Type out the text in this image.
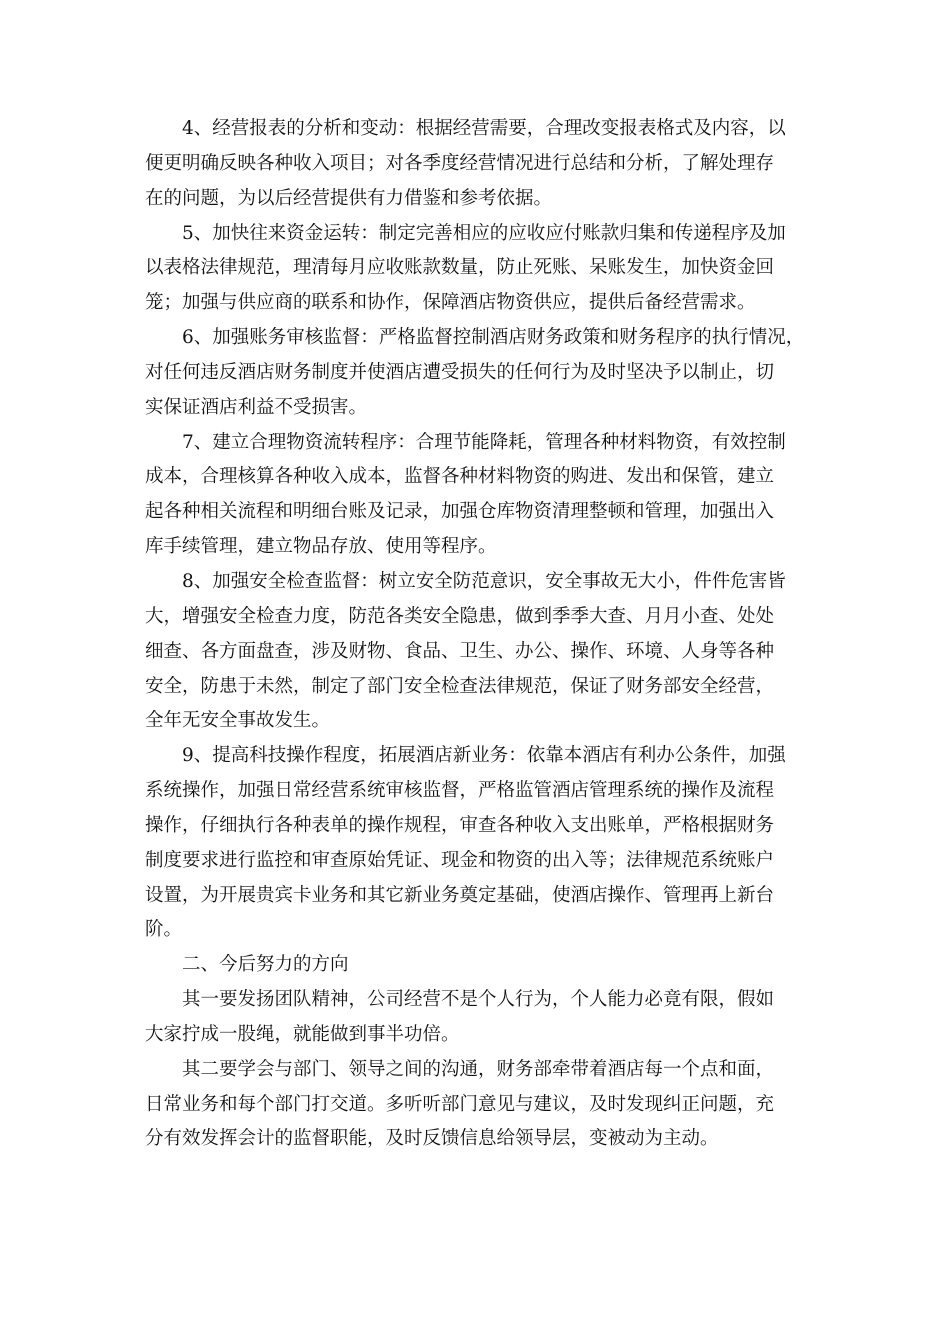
4、经营报表的分析和变动：根据经营需要，合理改变报表格式及内容，以
便更明确反映各种收入项目；对各季度经营情况进行总结和分析，了解处理存
在的问题，为以后经营提供有力借鉴和参考依据。
5、加快往来资金运转：制定完善相应的应收应付账款归集和传递程序及加
以表格法律规范，理清每月应收账款数量，防止死账、呆账发生，加快资金回
笼；加强与供应商的联系和协作，保障酒店物资供应，提供后备经营需求。
6、加强账务审核监督：严格监督控制酒店财务政策和财务程序的执行情况，
对任何违反酒店财务制度并使酒店遭受损失的任何行为及时坚决予以制止，切
实保证酒店利益不受损害。
7、建立合理物资流转程序：合理节能降耗，管理各种材料物资，有效控制
成本，合理核算各种收入成本，监督各种材料物资的购进、发出和保管，建立
起各种相关流程和明细台账及记录，加强仓库物资清理整顿和管理，加强出入
库手续管理，建立物品存放、使用等程序。
8、加强安全检查监督：树立安全防范意识，安全事故无大小，件件危害皆
大，增强安全检查力度，防范各类安全隐患，做到季季大查、月月小查、处处
细查、各方面盘查，涉及财物、食品、卫生、办公、操作、环境、人身等各种
安全，防患于未然，制定了部门安全检查法律规范，保证了财务部安全经营，
全年无安全事故发生。
9、提高科技操作程度，拓展酒店新业务：依靠本酒店有利办公条件，加强
系统操作，加强日常经营系统审核监督，严格监管酒店管理系统的操作及流程
操作，仔细执行各种表单的操作规程，审查各种收入支出账单，严格根据财务
制度要求进行监控和审查原始凭证、现金和物资的出入等；法律规范系统账户
设置，为开展贵宾卡业务和其它新业务奠定基础，使酒店操作、管理再上新台
阶。
二、今后努力的方向
其一要发扬团队精神，公司经营不是个人行为，个人能力必竟有限，假如
大家拧成一股绳，就能做到事半功倍。
其二要学会与部门、领导之间的沟通，财务部牵带着酒店每一个点和面，
日常业务和每个部门打交道。多听听部门意见与建议，及时发现纠正问题，充
分有效发挥会计的监督职能，及时反馈信息给领导层，变被动为主动。
